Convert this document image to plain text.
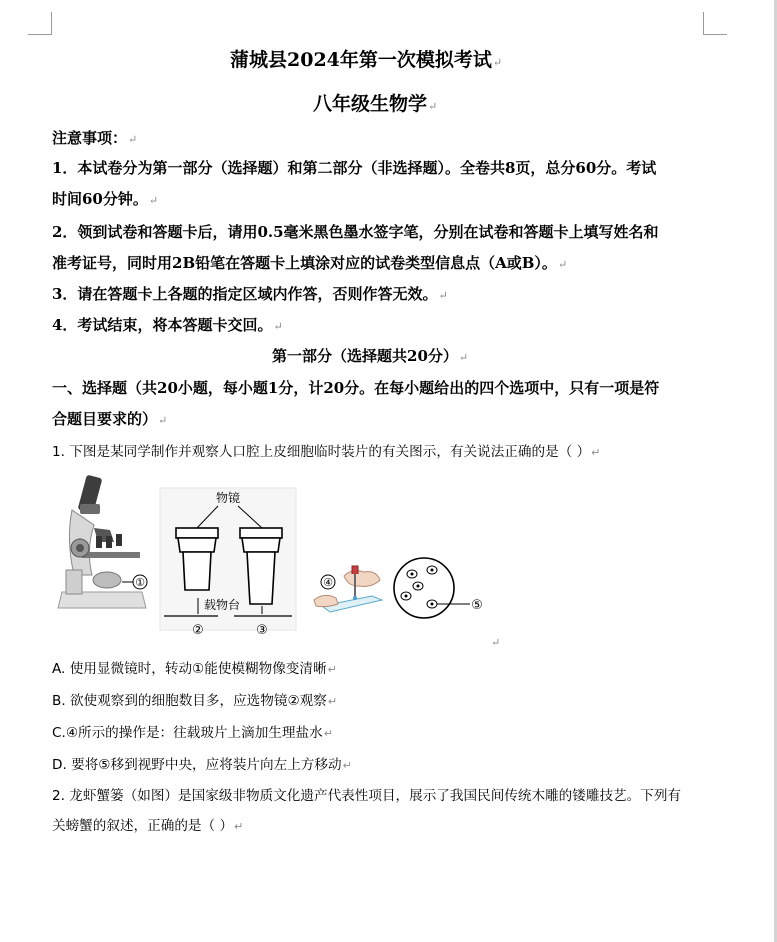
蒲城县2024年第一次模拟考试↵
八年级生物学↵
注意事项：↵
1．本试卷分为第一部分（选择题）和第二部分（非选择题）。全卷共8页，总分60分。考试
时间60分钟。↵
2．领到试卷和答题卡后，请用0.5毫米黑色墨水签字笔，分别在试卷和答题卡上填写姓名和
准考证号，同时用2B铅笔在答题卡上填涂对应的试卷类型信息点（A或B）。↵
3．请在答题卡上各题的指定区域内作答，否则作答无效。↵
4．考试结束，将本答题卡交回。↵
第一部分（选择题共20分）↵
一、选择题（共20小题，每小题1分，计20分。在每小题给出的四个选项中，只有一项是符
合题目要求的）↵
1. 下图是某同学制作并观察人口腔上皮细胞临时装片的有关图示，有关说法正确的是（ ）↵
①
物镜
载物台
②	③
④
⑤
↵
A. 使用显微镜时，转动①能使模糊物像变清晰↵
B. 欲使观察到的细胞数目多，应选物镜②观察↵
C.④所示的操作是：往载玻片上滴加生理盐水↵
D. 要将⑤移到视野中央，应将装片向左上方移动↵
2. 龙虾蟹篓（如图）是国家级非物质文化遗产代表性项目，展示了我国民间传统木雕的镂雕技艺。下列有
关螃蟹的叙述，正确的是（ ）↵
